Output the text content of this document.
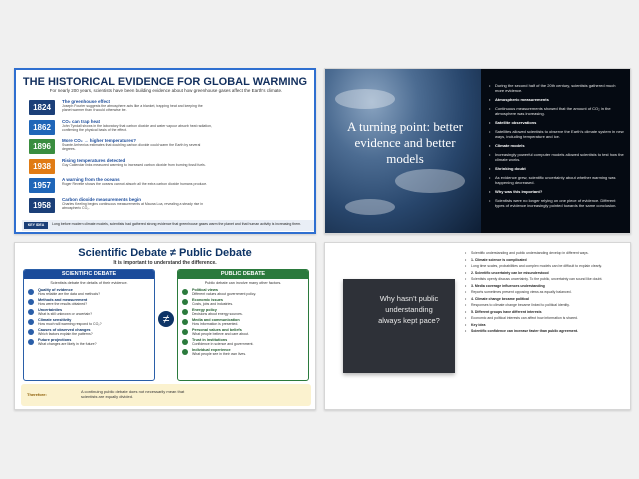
THE HISTORICAL EVIDENCE FOR GLOBAL WARMING
For nearly 200 years, scientists have been building evidence about how greenhouse gases affect the Earth's climate.
1824
The greenhouse effect
Joseph Fourier suggests the atmosphere acts like a blanket, trapping heat and keeping the planet warmer than it would otherwise be.
1862
CO₂ can trap heat
John Tyndall shows in the laboratory that carbon dioxide and water vapour absorb heat radiation, confirming the physical basis of the effect.
1896
More CO₂ → higher temperatures?
Svante Arrhenius estimates that doubling carbon dioxide could warm the Earth by several degrees.
1938
Rising temperatures detected
Guy Callendar links measured warming to increased carbon dioxide from burning fossil fuels.
1957
A warning from the oceans
Roger Revelle shows the oceans cannot absorb all the extra carbon dioxide humans produce.
1958
Carbon dioxide measurements begin
Charles Keeling begins continuous measurements at Mauna Loa, revealing a steady rise in atmospheric CO₂.
KEY IDEA	Long before modern climate models, scientists had gathered strong evidence that greenhouse gases warm the planet and that human activity is increasing them.
A turning point: better evidence and better models
• During the second half of the 20th century, scientists gathered much more evidence.
• Atmospheric measurements
• Continuous measurements showed that the amount of CO₂ in the atmosphere was increasing.
• Satellite observations
• Satellites allowed scientists to observe the Earth's climate system in new ways, including temperature and ice.
• Climate models
• Increasingly powerful computer models allowed scientists to test how the climate works.
• Shrinking doubt
• As evidence grew, scientific uncertainty about whether warming was happening decreased.
• Why was this important?
• Scientists were no longer relying on one piece of evidence. Different types of evidence increasingly pointed towards the same conclusion.
Scientific Debate ≠ Public Debate
It is important to understand the difference.
SCIENTIFIC DEBATE
Scientists debate the details of their evidence.
Quality of evidence
How reliable are the data and methods?
Methods and measurement
How were the results obtained?
Uncertainties
What is still unknown or uncertain?
Climate sensitivity
How much will warming respond to CO₂?
Causes of observed changes
Which factors explain the patterns?
Future projections
What changes are likely in the future?
≠
PUBLIC DEBATE
Public debate can involve many other factors.
Political views
Different values about government policy.
Economic issues
Costs, jobs and industries.
Energy policy
Decisions about energy sources.
Media and communication
How information is presented.
Personal values and beliefs
What people believe and care about.
Trust in institutions
Confidence in science and government.
Individual experience
What people see in their own lives.
Therefore:
A continuing public debate does not necessarily mean that scientists are equally divided.
Why hasn't public understanding always kept pace?
• Scientific understanding and public understanding develop in different ways.
• 1. Climate science is complicated
• Long time scales, probabilities and complex models can be difficult to explain clearly.
• 2. Scientific uncertainty can be misunderstood
• Scientists openly discuss uncertainty. To the public, uncertainty can sound like doubt.
• 3. Media coverage influences understanding
• Reports sometimes present opposing views as equally balanced.
• 4. Climate change became political
• Responses to climate change became linked to political identity.
• 5. Different groups have different interests
• Economic and political interests can affect how information is shared.
• Key idea
• Scientific confidence can increase faster than public agreement.
